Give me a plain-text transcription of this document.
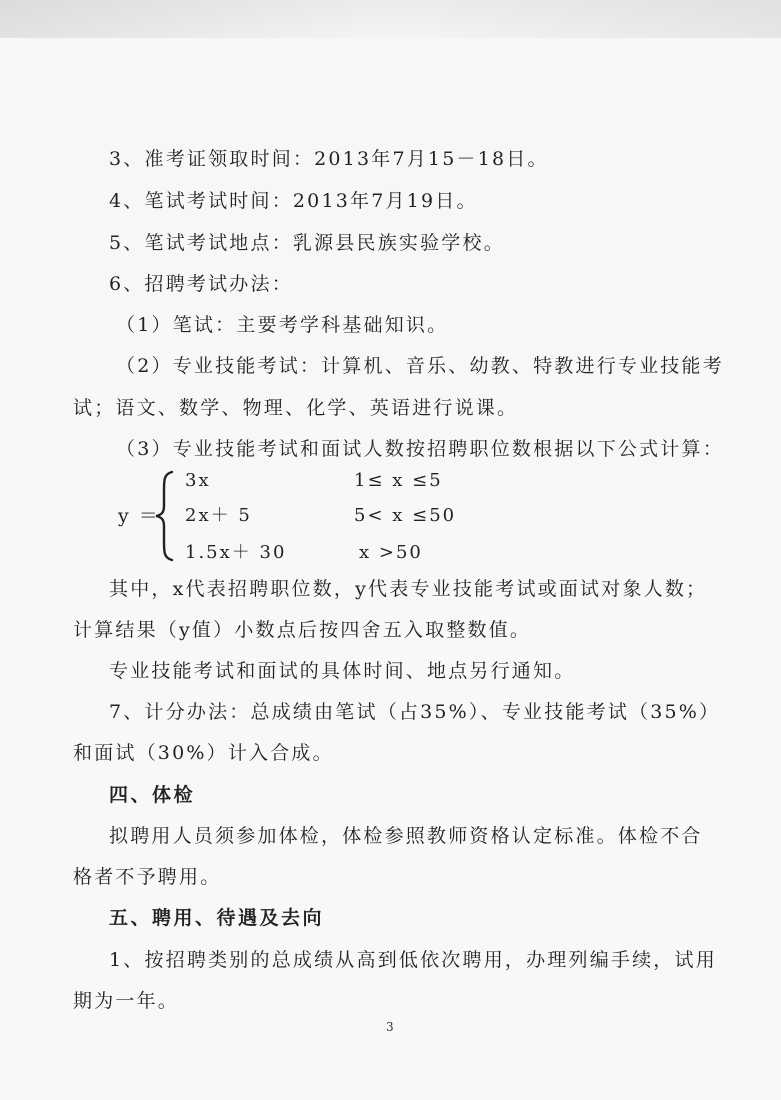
3、准考证领取时间：2013年7月15－18日。
4、笔试考试时间：2013年7月19日。
5、笔试考试地点：乳源县民族实验学校。
6、招聘考试办法：
（1）笔试：主要考学科基础知识。
（2）专业技能考试：计算机、音乐、幼教、特教进行专业技能考
试；语文、数学、物理、化学、英语进行说课。
（3）专业技能考试和面试人数按招聘职位数根据以下公式计算：
y ＝
3x	1≤ x ≤5
2x＋ 5	5< x ≤50
1.5x＋ 30	x >50
其中，x代表招聘职位数，y代表专业技能考试或面试对象人数；
计算结果（y值）小数点后按四舍五入取整数值。
专业技能考试和面试的具体时间、地点另行通知。
7、计分办法：总成绩由笔试（占35%）、专业技能考试（35%）
和面试（30%）计入合成。
四、体检
拟聘用人员须参加体检，体检参照教师资格认定标准。体检不合
格者不予聘用。
五、聘用、待遇及去向
1、按招聘类别的总成绩从高到低依次聘用，办理列编手续，试用
期为一年。
3
